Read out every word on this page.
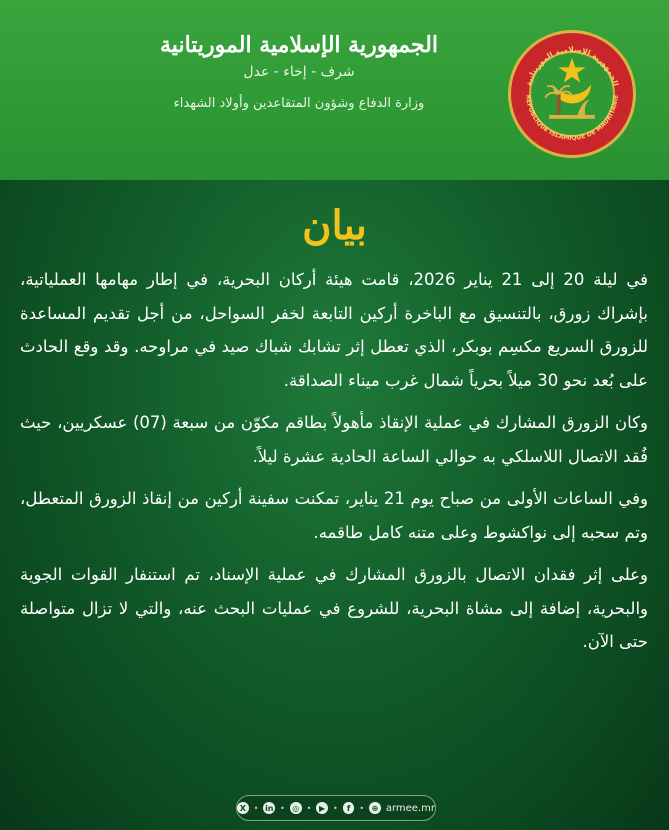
الجمهورية الإسلامية الموريتانية
شرف - إخاء - عدل
وزارة الدفاع وشؤون المتقاعدين وأولاد الشهداء
الجمهورية الإسلامية الموريتانية
RÉPUBLIQUE ISLAMIQUE DE MAURITANIE
بيان

في ليلة 20 إلى 21 يناير 2026، قامت هيئة أركان البحرية، في إطار مهامها العملياتية، بإشراك زورق، بالتنسيق مع الباخرة أركين التابعة لخفر السواحل، من أجل تقديم المساعدة للزورق السريع مكسِم بوبكر، الذي تعطل إثر تشابك شباك صيد في مراوحه. وقد وقع الحادث على بُعد نحو 30 ميلاً بحرياً شمال غرب ميناء الصداقة.

وكان الزورق المشارك في عملية الإنقاذ مأهولاً بطاقم مكوّن من سبعة (07) عسكريين، حيث فُقد الاتصال اللاسلكي به حوالي الساعة الحادية عشرة ليلاً.

وفي الساعات الأولى من صباح يوم 21 يناير، تمكنت سفينة أركين من إنقاذ الزورق المتعطل، وتم سحبه إلى نواكشوط وعلى متنه كامل طاقمه.

وعلى إثر فقدان الاتصال بالزورق المشارك في عملية الإسناد، تم استنفار القوات الجوية والبحرية، إضافة إلى مشاة البحرية، للشروع في عمليات البحث عنه، والتي لا تزال متواصلة حتى الآن.

X • in • ◎ • ▶ •	f	• ⊕ armee.mr
